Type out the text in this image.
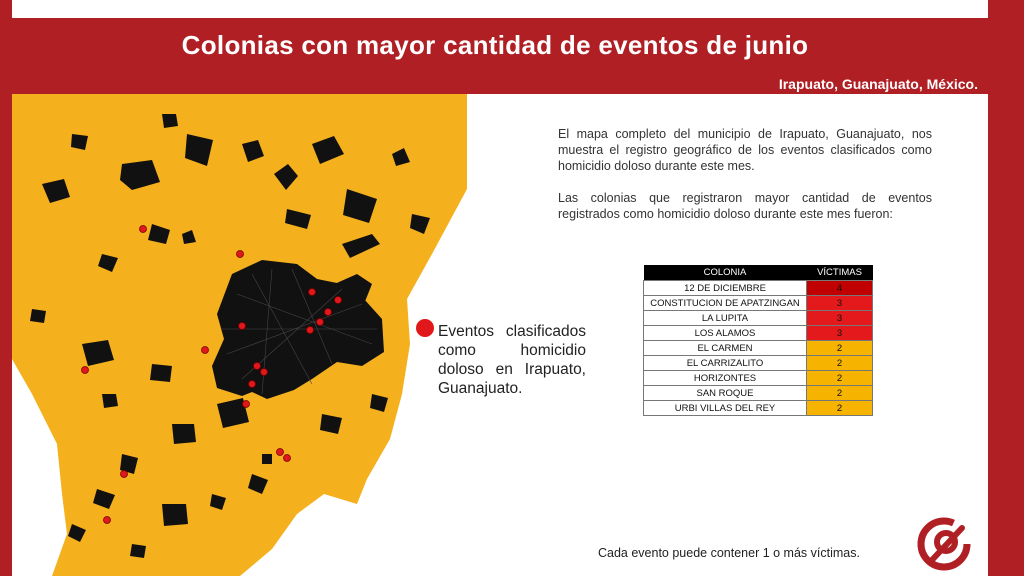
Colonias con mayor cantidad de eventos de junio
Irapuato, Guanajuato, México.
Eventos clasificados como homicidio doloso en Irapuato, Guanajuato.

El mapa completo del municipio de Irapuato, Guanajuato, nos muestra el registro geográfico de los eventos clasificados como homicidio doloso durante este mes.

Las colonias que registraron mayor cantidad de eventos registrados como homicidio doloso durante este mes fueron:

COLONIA	VÍCTIMAS
12 DE DICIEMBRE	4
CONSTITUCION DE APATZINGAN	3
LA LUPITA	3
LOS ALAMOS	3
EL CARMEN	2
EL CARRIZALITO	2
HORIZONTES	2
SAN ROQUE	2
URBI VILLAS DEL REY	2
Cada evento puede contener 1 o más víctimas.
